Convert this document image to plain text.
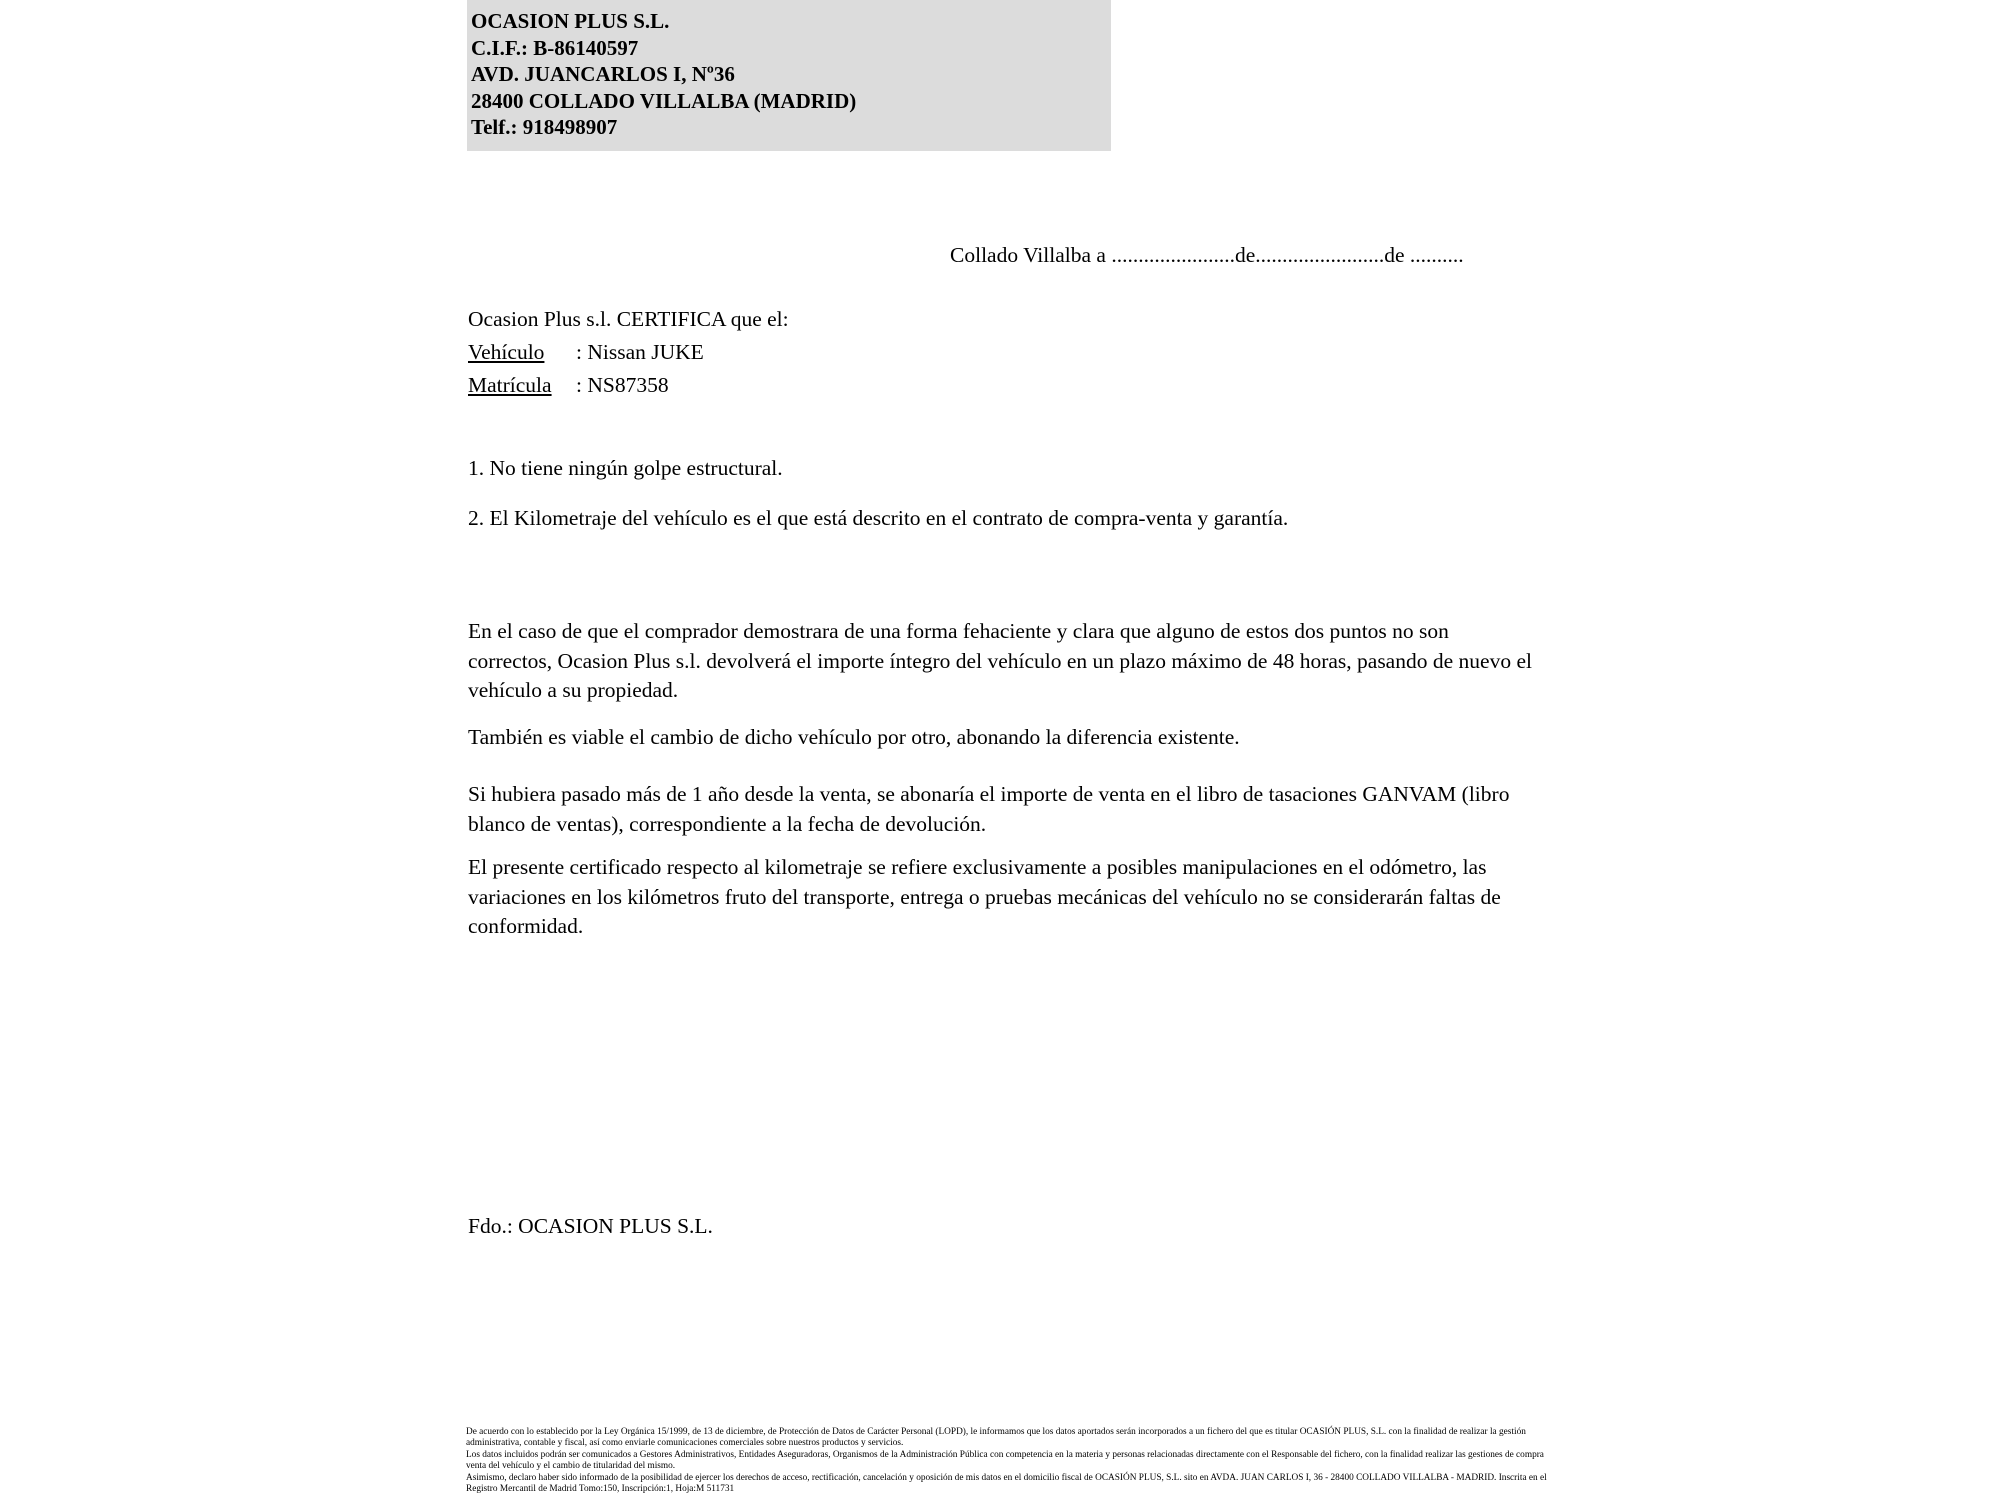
OCASION PLUS S.L.
C.I.F.: B-86140597
AVD. JUANCARLOS I, Nº36
28400 COLLADO VILLALBA (MADRID)
Telf.: 918498907
Collado Villalba a .......................de........................de ..........
Ocasion Plus s.l. CERTIFICA que el:
Vehículo : Nissan JUKE
Matrícula : NS87358
1. No tiene ningún golpe estructural.
2. El Kilometraje del vehículo es el que está descrito en el contrato de compra-venta y garantía.
En el caso de que el comprador demostrara de una forma fehaciente y clara que alguno de estos dos puntos no son correctos, Ocasion Plus s.l. devolverá el importe íntegro del vehículo en un plazo máximo de 48 horas, pasando de nuevo el vehículo a su propiedad.
También es viable el cambio de dicho vehículo por otro, abonando la diferencia existente.
Si hubiera pasado más de 1 año desde la venta, se abonaría el importe de venta en el libro de tasaciones GANVAM (libro blanco de ventas), correspondiente a la fecha de devolución.
El presente certificado respecto al kilometraje se refiere exclusivamente a posibles manipulaciones en el odómetro, las variaciones en los kilómetros fruto del transporte, entrega o pruebas mecánicas del vehículo no se considerarán faltas de conformidad.
Fdo.: OCASION PLUS S.L.

De acuerdo con lo establecido por la Ley Orgánica 15/1999, de 13 de diciembre, de Protección de Datos de Carácter Personal (LOPD), le informamos que los datos aportados serán incorporados a un fichero del que es titular OCASIÓN PLUS, S.L. con la finalidad de realizar la gestión administrativa, contable y fiscal, así como enviarle comunicaciones comerciales sobre nuestros productos y servicios.

Los datos incluidos podrán ser comunicados a Gestores Administrativos, Entidades Aseguradoras, Organismos de la Administración Pública con competencia en la materia y personas relacionadas directamente con el Responsable del fichero, con la finalidad realizar las gestiones de compra venta del vehículo y el cambio de titularidad del mismo.

Asimismo, declaro haber sido informado de la posibilidad de ejercer los derechos de acceso, rectificación, cancelación y oposición de mis datos en el domicilio fiscal de OCASIÓN PLUS, S.L. sito en AVDA. JUAN CARLOS I, 36 - 28400 COLLADO VILLALBA - MADRID. Inscrita en el Registro Mercantil de Madrid Tomo:150, Inscripción:1, Hoja:M 511731
